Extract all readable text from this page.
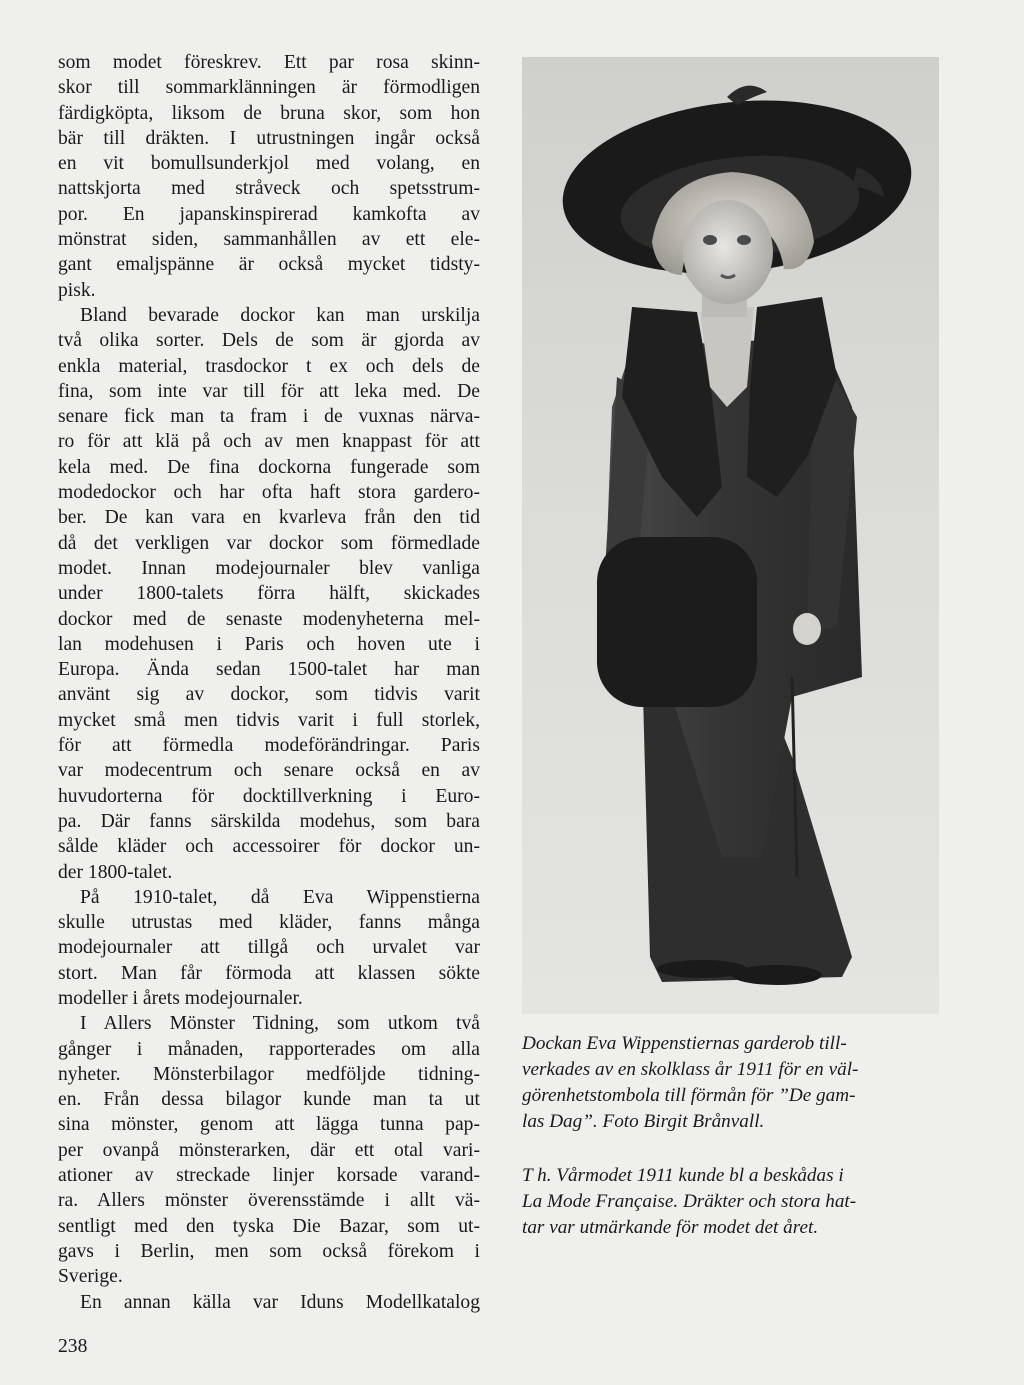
som modet föreskrev. Ett par rosa skinn-
skor till sommarklänningen är förmodligen
färdigköpta, liksom de bruna skor, som hon
bär till dräkten. I utrustningen ingår också
en vit bomullsunderkjol med volang, en
nattskjorta med stråveck och spetsstrum-
por. En japanskinspirerad kamkofta av
mönstrat siden, sammanhållen av ett ele-
gant emaljspänne är också mycket tidsty-
pisk.
Bland bevarade dockor kan man urskilja
två olika sorter. Dels de som är gjorda av
enkla material, trasdockor t ex och dels de
fina, som inte var till för att leka med. De
senare fick man ta fram i de vuxnas närva-
ro för att klä på och av men knappast för att
kela med. De fina dockorna fungerade som
modedockor och har ofta haft stora gardero-
ber. De kan vara en kvarleva från den tid
då det verkligen var dockor som förmedlade
modet. Innan modejournaler blev vanliga
under 1800-talets förra hälft, skickades
dockor med de senaste modenyheterna mel-
lan modehusen i Paris och hoven ute i
Europa. Ända sedan 1500-talet har man
använt sig av dockor, som tidvis varit
mycket små men tidvis varit i full storlek,
för att förmedla modeförändringar. Paris
var modecentrum och senare också en av
huvudorterna för docktillverkning i Euro-
pa. Där fanns särskilda modehus, som bara
sålde kläder och accessoirer för dockor un-
der 1800-talet.
På 1910-talet, då Eva Wippenstierna
skulle utrustas med kläder, fanns många
modejournaler att tillgå och urvalet var
stort. Man får förmoda att klassen sökte
modeller i årets modejournaler.
I Allers Mönster Tidning, som utkom två
gånger i månaden, rapporterades om alla
nyheter. Mönsterbilagor medföljde tidning-
en. Från dessa bilagor kunde man ta ut
sina mönster, genom att lägga tunna pap-
per ovanpå mönsterarken, där ett otal vari-
ationer av streckade linjer korsade varand-
ra. Allers mönster överensstämde i allt vä-
sentligt med den tyska Die Bazar, som ut-
gavs i Berlin, men som också förekom i
Sverige.
En annan källa var Iduns Modellkatalog
238
Dockan Eva Wippenstiernas garderob till-
verkades av en skolklass år 1911 för en väl-
görenhetstombola till förmån för ”De gam-
las Dag”. Foto Birgit Brånvall.
T h. Vårmodet 1911 kunde bl a beskådas i
La Mode Française. Dräkter och stora hat-
tar var utmärkande för modet det året.
